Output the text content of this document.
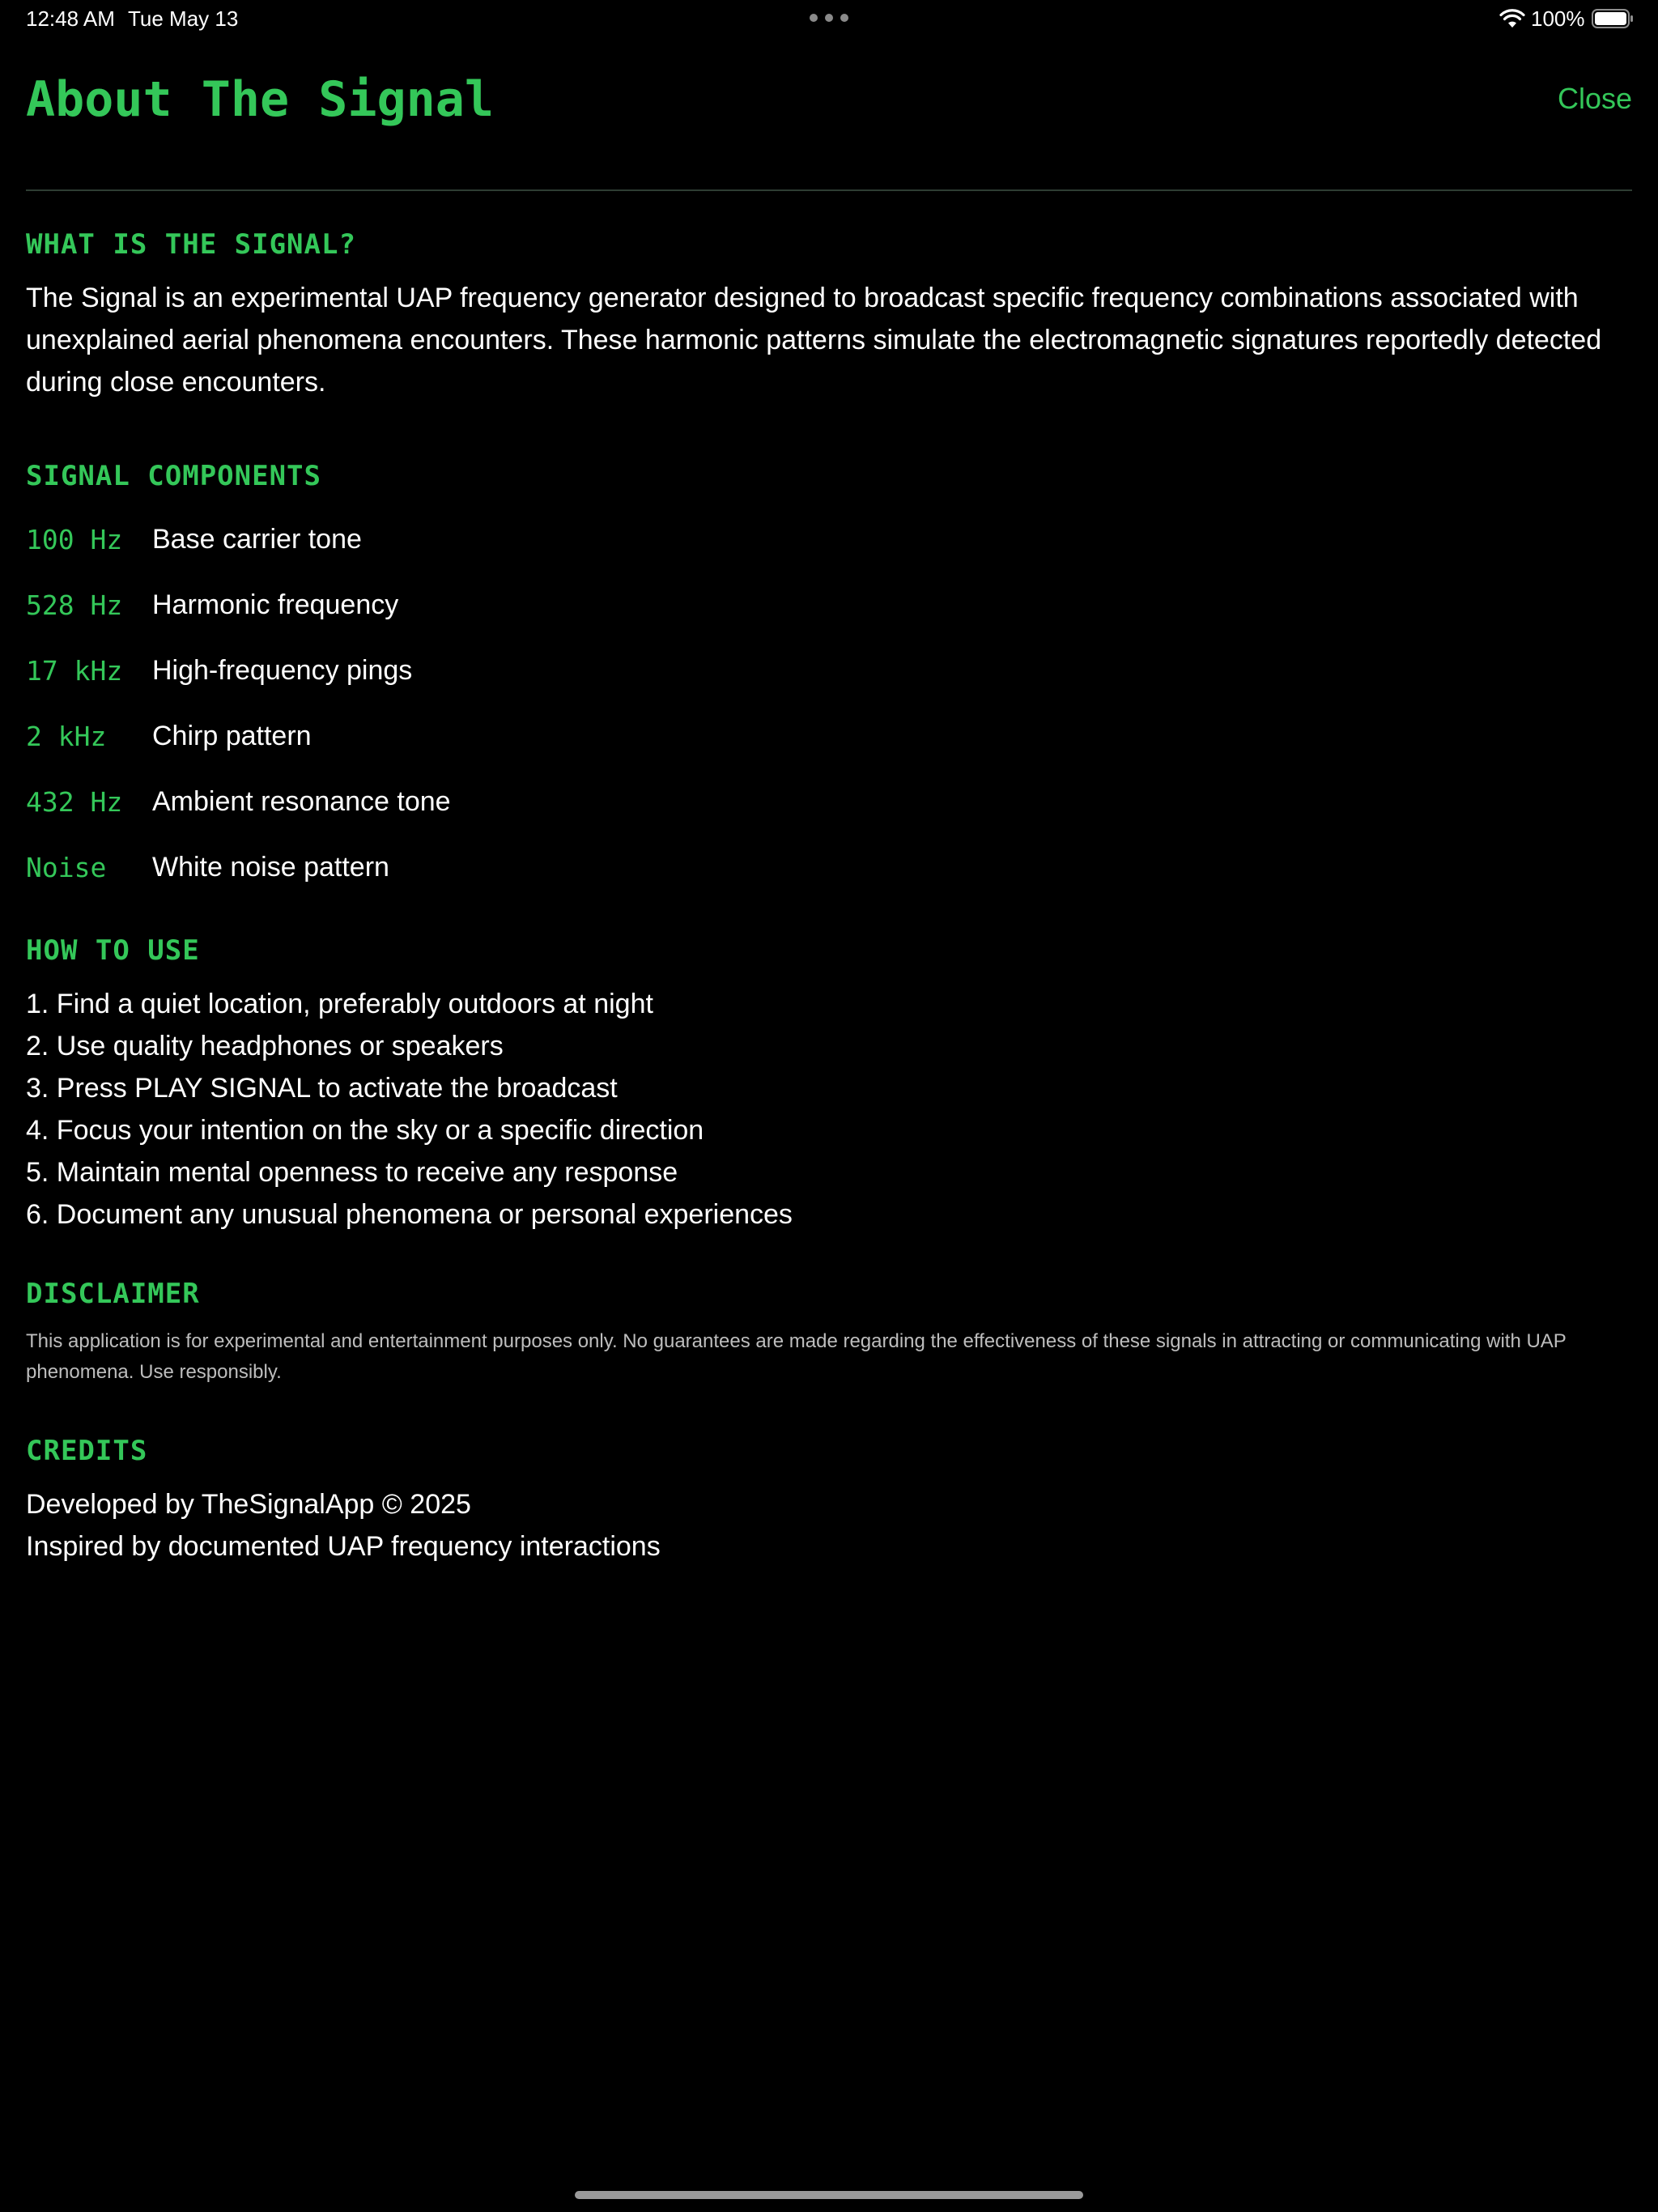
12:48 AM Tue May 13	100%
About The Signal	Close
WHAT IS THE SIGNAL?

The Signal is an experimental UAP frequency generator designed to broadcast specific frequency combinations associated with unexplained aerial phenomena encounters. These harmonic patterns simulate the electromagnetic signatures reportedly detected during close encounters.

SIGNAL COMPONENTS
100 Hz	Base carrier tone
528 Hz	Harmonic frequency
17 kHz	High-frequency pings
2 kHz	Chirp pattern
432 Hz	Ambient resonance tone
Noise	White noise pattern
HOW TO USE
1. Find a quiet location, preferably outdoors at night
2. Use quality headphones or speakers
3. Press PLAY SIGNAL to activate the broadcast
4. Focus your intention on the sky or a specific direction
5. Maintain mental openness to receive any response
6. Document any unusual phenomena or personal experiences
DISCLAIMER

This application is for experimental and entertainment purposes only. No guarantees are made regarding the effectiveness of these signals in attracting or communicating with UAP phenomena. Use responsibly.

CREDITS
Developed by TheSignalApp © 2025
Inspired by documented UAP frequency interactions
